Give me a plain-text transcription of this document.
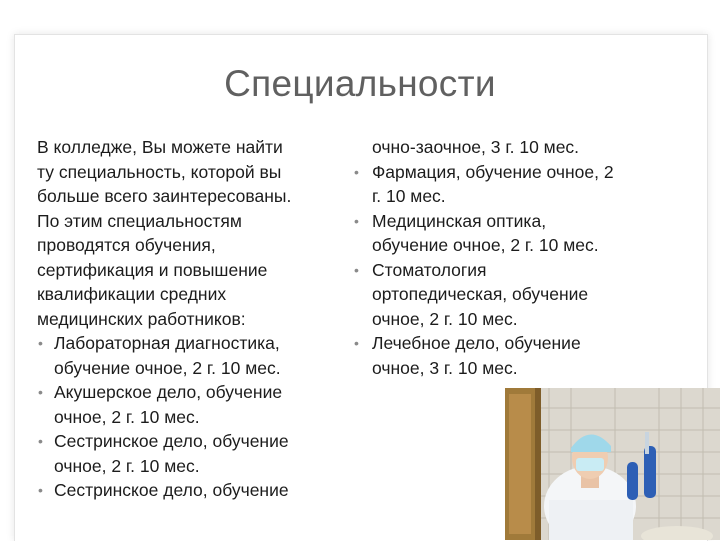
Специальности
В колледже, Вы можете найти
ту специальность, которой вы
больше всего заинтересованы.
По этим специальностям
проводятся обучения,
сертификация и повышение
квалификации средних
медицинских работников:
• Лабораторная диагностика,
обучение очное, 2 г. 10 мес.
• Акушерское дело, обучение
очное, 2 г. 10 мес.
• Сестринское дело, обучение
очное, 2 г. 10 мес.
• Сестринское дело, обучение
очно-заочное, 3 г. 10 мес.
• Фармация, обучение очное, 2
г. 10 мес.
• Медицинская оптика,
обучение очное, 2 г. 10 мес.
• Стоматология
ортопедическая, обучение
очное, 2 г. 10 мес.
• Лечебное дело, обучение
очное, 3 г. 10 мес.
